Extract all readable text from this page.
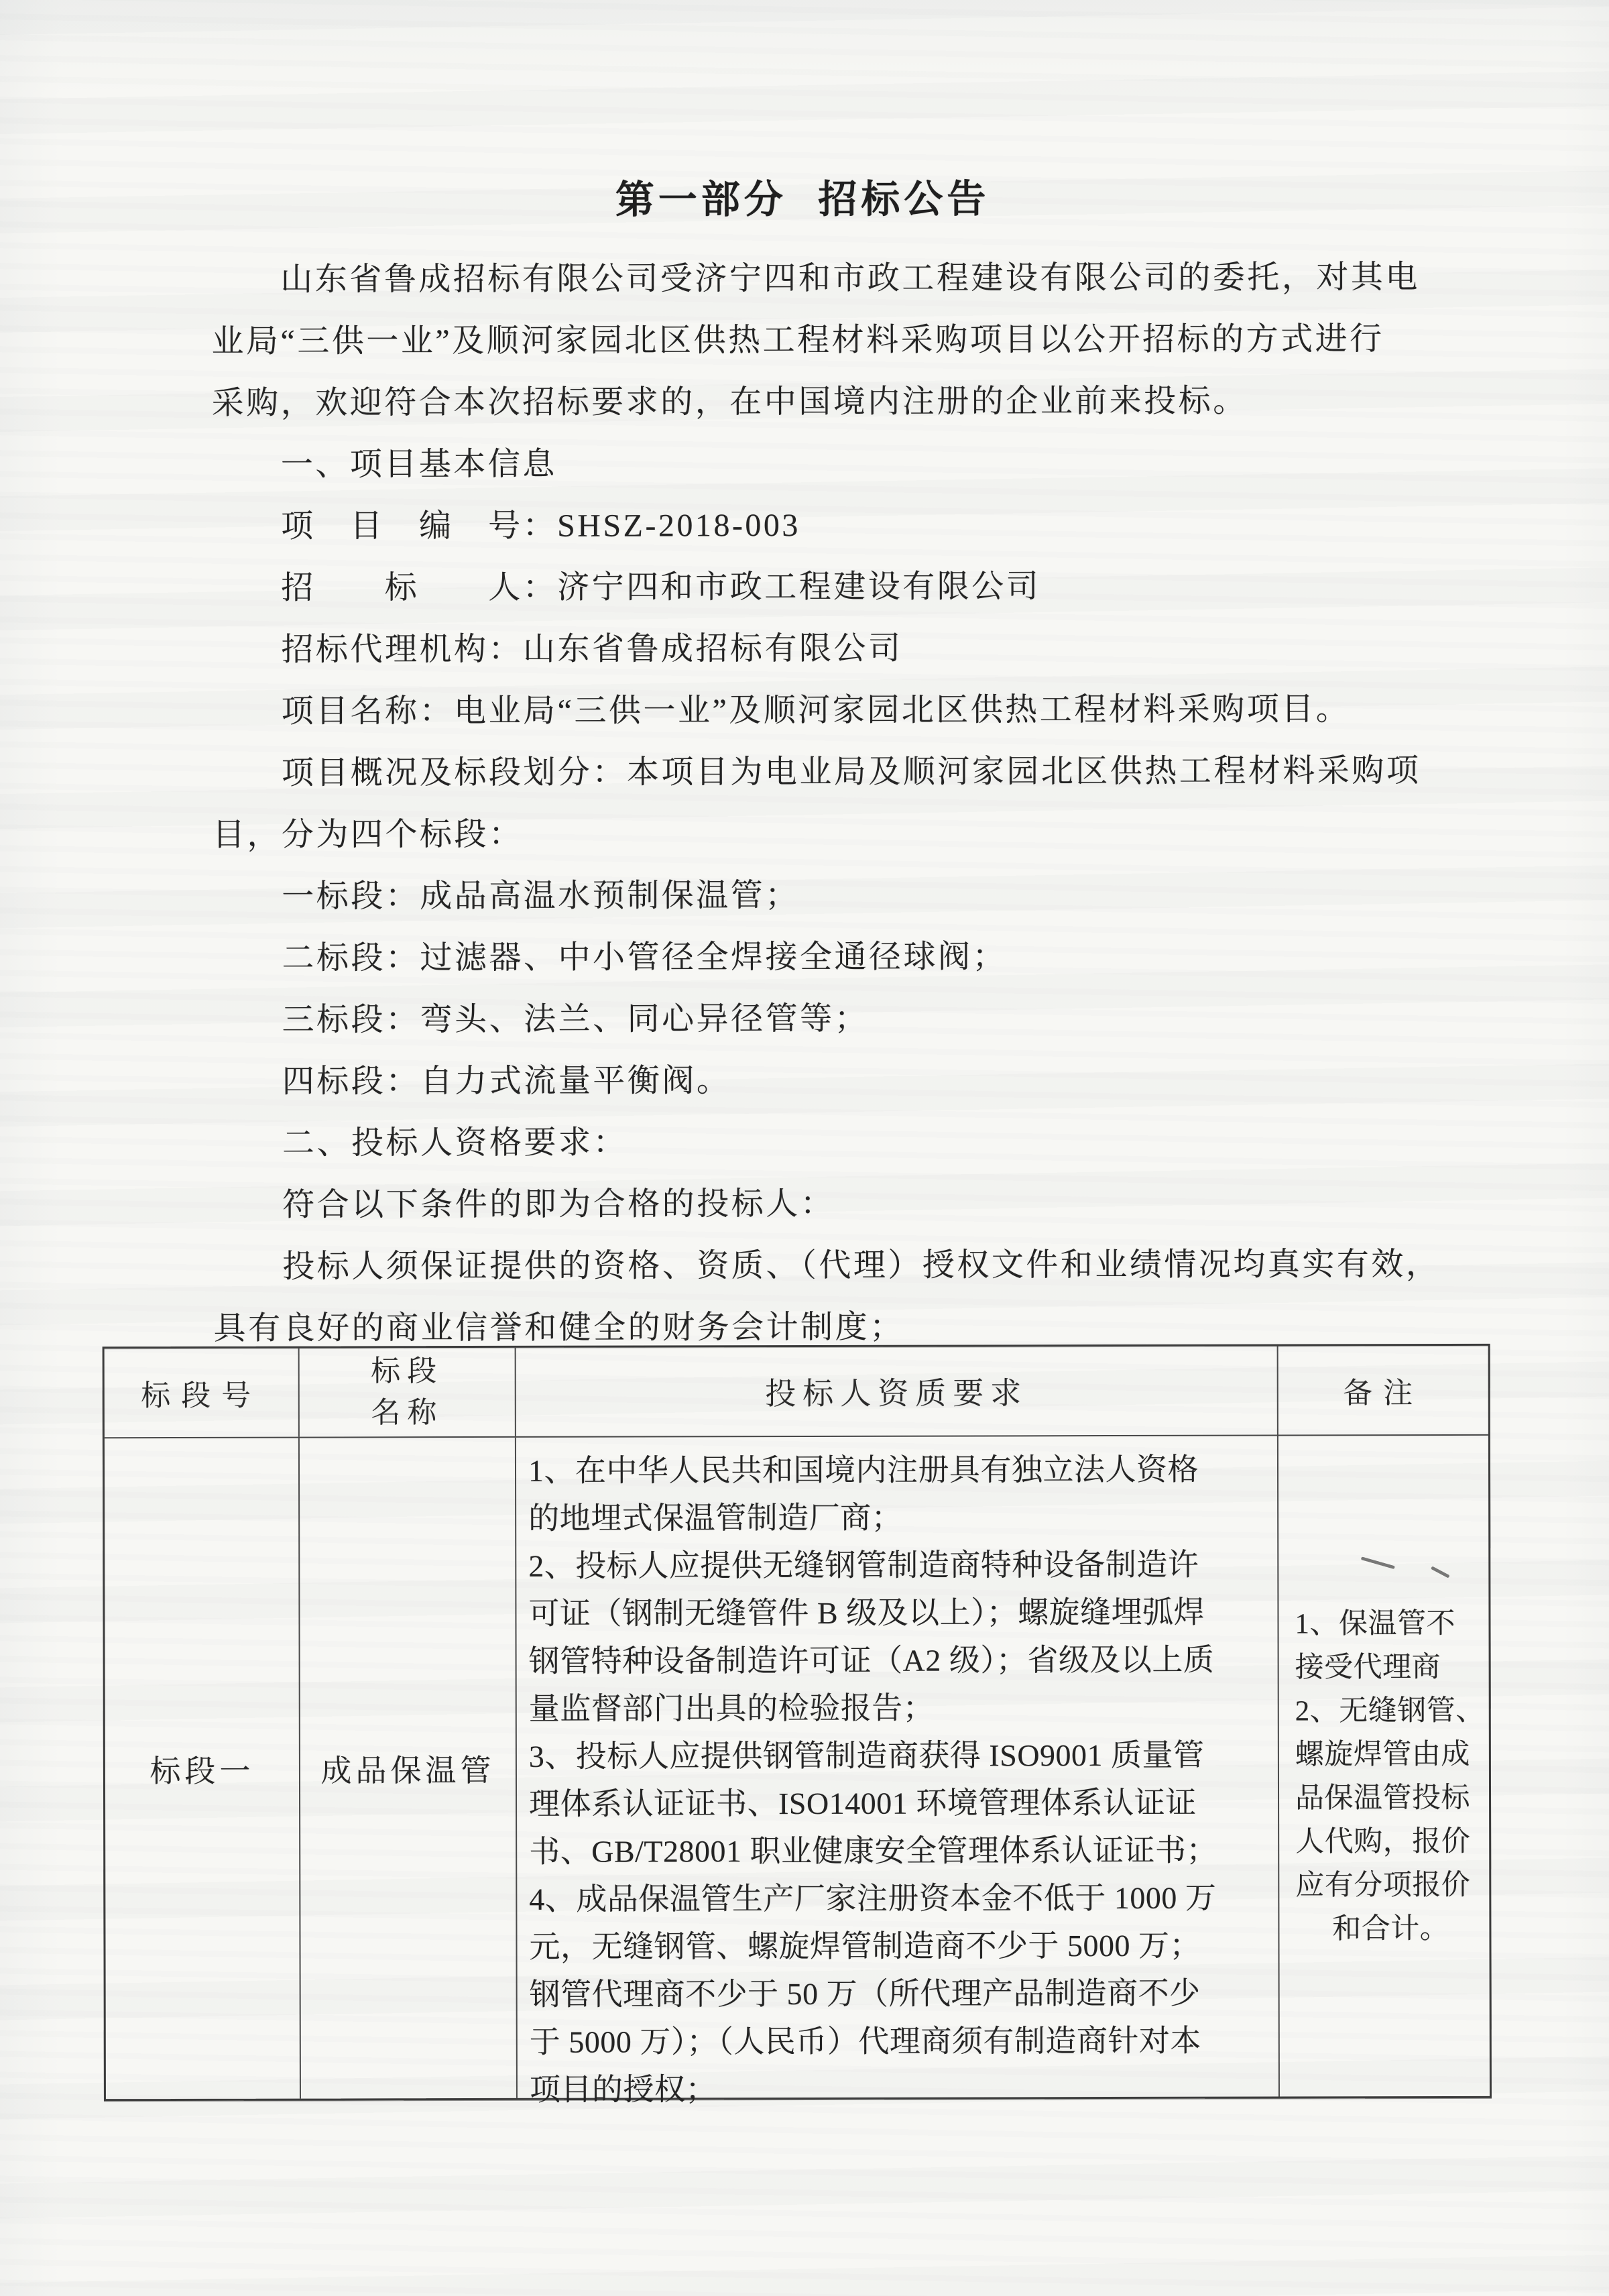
第一部分 招标公告
　　山东省鲁成招标有限公司受济宁四和市政工程建设有限公司的委托，对其电
业局“三供一业”及顺河家园北区供热工程材料采购项目以公开招标的方式进行
采购，欢迎符合本次招标要求的，在中国境内注册的企业前来投标。
　　一、项目基本信息
　　项　目　编　号：SHSZ-2018-003
　　招　　标　　人：济宁四和市政工程建设有限公司
　　招标代理机构：山东省鲁成招标有限公司
　　项目名称：电业局“三供一业”及顺河家园北区供热工程材料采购项目。
　　项目概况及标段划分：本项目为电业局及顺河家园北区供热工程材料采购项
目，分为四个标段：
　　一标段：成品高温水预制保温管；
　　二标段：过滤器、中小管径全焊接全通径球阀；
　　三标段：弯头、法兰、同心异径管等；
　　四标段：自力式流量平衡阀。
　　二、投标人资格要求：
　　符合以下条件的即为合格的投标人：
　　投标人须保证提供的资格、资质、（代理）授权文件和业绩情况均真实有效，
具有良好的商业信誉和健全的财务会计制度；
标段号
标段
名称
投标人资质要求	备注
标段一 成品保温管
1、在中华人民共和国境内注册具有独立法人资格
的地埋式保温管制造厂商；
2、投标人应提供无缝钢管制造商特种设备制造许
可证（钢制无缝管件 B 级及以上）；螺旋缝埋弧焊
钢管特种设备制造许可证（A2 级）；省级及以上质
量监督部门出具的检验报告；
3、投标人应提供钢管制造商获得 ISO9001 质量管
理体系认证证书、ISO14001 环境管理体系认证证
书、GB/T28001 职业健康安全管理体系认证证书；
4、成品保温管生产厂家注册资本金不低于 1000 万
元，无缝钢管、螺旋焊管制造商不少于 5000 万；
钢管代理商不少于 50 万（所代理产品制造商不少
于 5000 万）；（人民币）代理商须有制造商针对本
项目的授权；
1、保温管不
接受代理商
2、无缝钢管、
螺旋焊管由成
品保温管投标
人代购，报价
应有分项报价
　 和合计。
